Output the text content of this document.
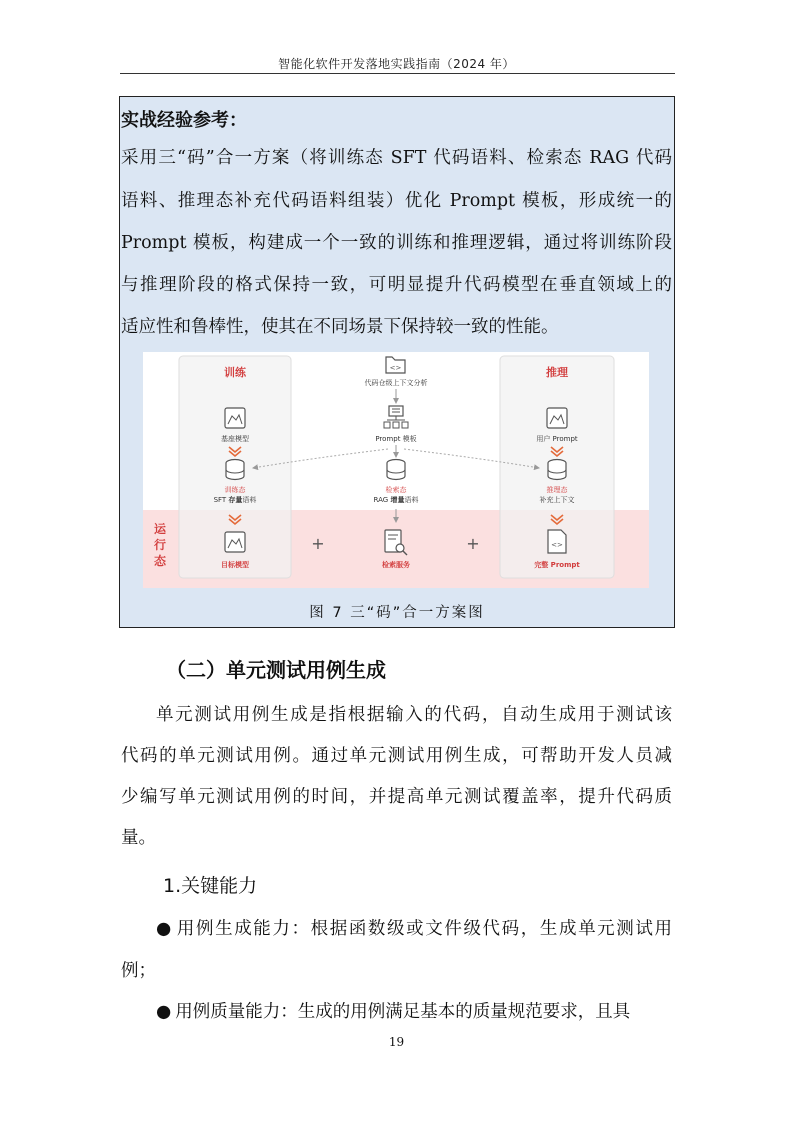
智能化软件开发落地实践指南（2024 年）
实战经验参考：
采用三“码”合一方案（将训练态 SFT 代码语料、检索态 RAG 代码
语料、推理态补充代码语料组装）优化 Prompt 模板，形成统一的
Prompt 模板，构建成一个一致的训练和推理逻辑，通过将训练阶段
与推理阶段的格式保持一致，可明显提升代码模型在垂直领域上的
适应性和鲁棒性，使其在不同场景下保持较一致的性能。
训练	推理
运
行
态
<>
代码仓级上下文分析
Prompt 模板
基座模型	用户 Prompt
训练态
SFT 存量语料
检索态
RAG 增量语料
推理态
补充上下文
<>
+	+
目标模型	检索服务	完整 Prompt
图 7 三“码”合一方案图
（二）单元测试用例生成
单元测试用例生成是指根据输入的代码，自动生成用于测试该
代码的单元测试用例。通过单元测试用例生成，可帮助开发人员减
少编写单元测试用例的时间，并提高单元测试覆盖率，提升代码质
量。
1.关键能力
● 用例生成能力：根据函数级或文件级代码，生成单元测试用
例；
● 用例质量能力：生成的用例满足基本的质量规范要求，且具
19
